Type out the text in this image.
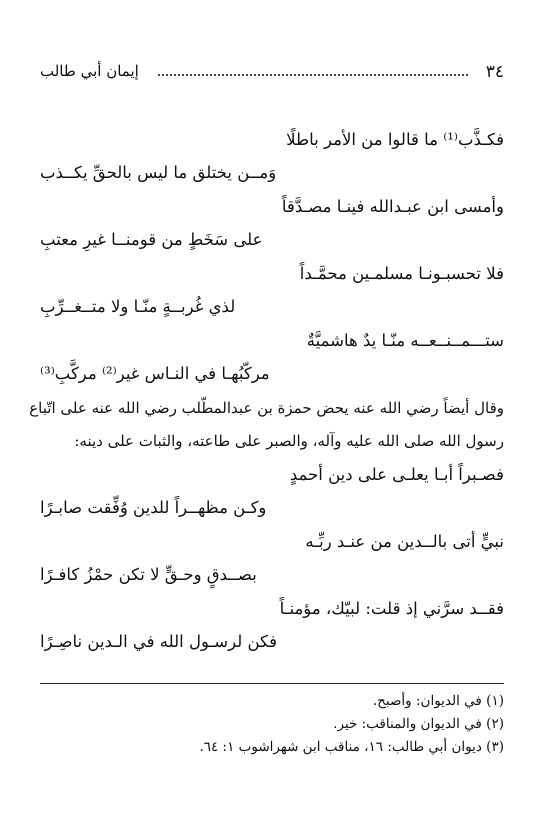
٣٤
إيمان أبي طالب
فكـذَّب⁽¹⁾ ما قالوا من الأمر باطلًا
وَمــن يختلق ما ليس بالحقِّ يكــذب
وأمسى ابن عبـدالله فينـا مصـدَّقاً
على سَخَطٍ من قومنــا غيرِ معتبِ
فلا تحسبـونـا مسلمـين محمَّـداً
لذي غُربــةٍ منّـا ولا متــغــرِّبِ
ستـــمــنــعــه منّـا يدٌ هاشميَّةٌ
مركّبُهـا في النـاس غير⁽²⁾ مركَّبِ⁽³⁾
وقال أيضاً رضي الله عنه يحض حمزة بن عبدالمطّلب رضي الله عنه على اتّباع
رسول الله صلى الله عليه وآله، والصبر على طاعته، والثبات على دينه:
فصـبراً أبـا يعلـى على دين أحمدٍ
وكـن مظهــراً للدين وُفِّقت صابـرًا
نبيٍّ أتى بالــدين من عنـد ربِّـه
بصــدقٍ وحـقٍّ لا تكن حمْزُ كافـرًا
فقــد سرَّني إذ قلت: لبيّك، مؤمنـاً
فكن لرسـول الله في الـدين ناصِـرًا
(١) في الديوان: وأصبح.
(٢) في الديوان والمناقب: خير.
(٣) ديوان أبي طالب: ١٦، مناقب ابن شهراشوب ١: ٦٤.
